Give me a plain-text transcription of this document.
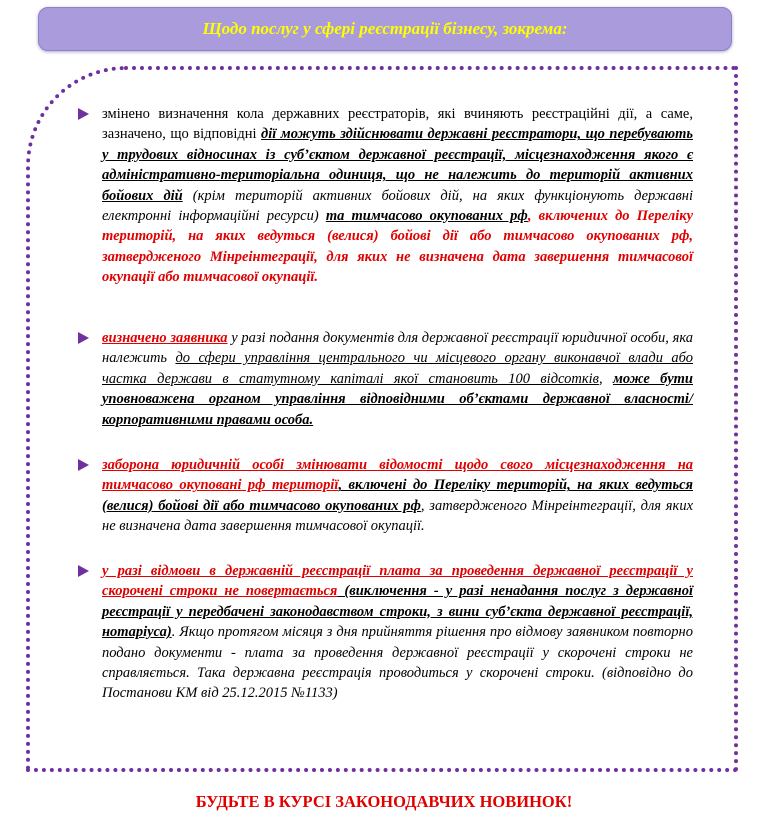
Щодо послуг у сфері реєстрації бізнесу, зокрема:

змінено визначення кола державних реєстраторів, які вчиняють реєстраційні дії, а саме, зазначено, що відповідні дії можуть здійснювати державні реєстратори, що перебувають у трудових відносинах із суб’єктом державної реєстрації, місцезнаходження якого є адміністративно-територіальна одиниця, що не належить до територій активних бойових дій (крім територій активних бойових дій, на яких функціонують державні електронні інформаційні ресурси) та тимчасово окупованих рф, включених до Переліку територій, на яких ведуться (велися) бойові дії або тимчасово окупованих рф, затвердженого Мінреінтеграції, для яких не визначена дата завершення тимчасової окупації або тимчасової окупації.

визначено заявника у разі подання документів для державної реєстрації юридичної особи, яка належить до сфери управління центрального чи місцевого органу виконавчої влади або частка держави в статутному капіталі якої становить 100 відсотків, може бути уповноважена органом управління відповідними об’єктами державної власності/корпоративними правами особа.

заборона юридичній особі змінювати відомості щодо свого місцезнаходження на тимчасово окуповані рф території, включені до Переліку територій, на яких ведуться (велися) бойові дії або тимчасово окупованих рф, затвердженого Мінреінтеграції, для яких не визначена дата завершення тимчасової окупації.

у разі відмови в державній реєстрації плата за проведення державної реєстрації у скорочені строки не повертається (виключення - у разі ненадання послуг з державної реєстрації у передбачені законодавством строки, з вини суб’єкта державної реєстрації, нотаріуса). Якщо протягом місяця з дня прийняття рішення про відмову заявником повторно подано документи - плата за проведення державної реєстрації у скорочені строки не справляється. Така державна реєстрація проводиться у скорочені строки. (відповідно до Постанови КМ від 25.12.2015 №1133)

БУДЬТЕ В КУРСІ ЗАКОНОДАВЧИХ НОВИНОК!
